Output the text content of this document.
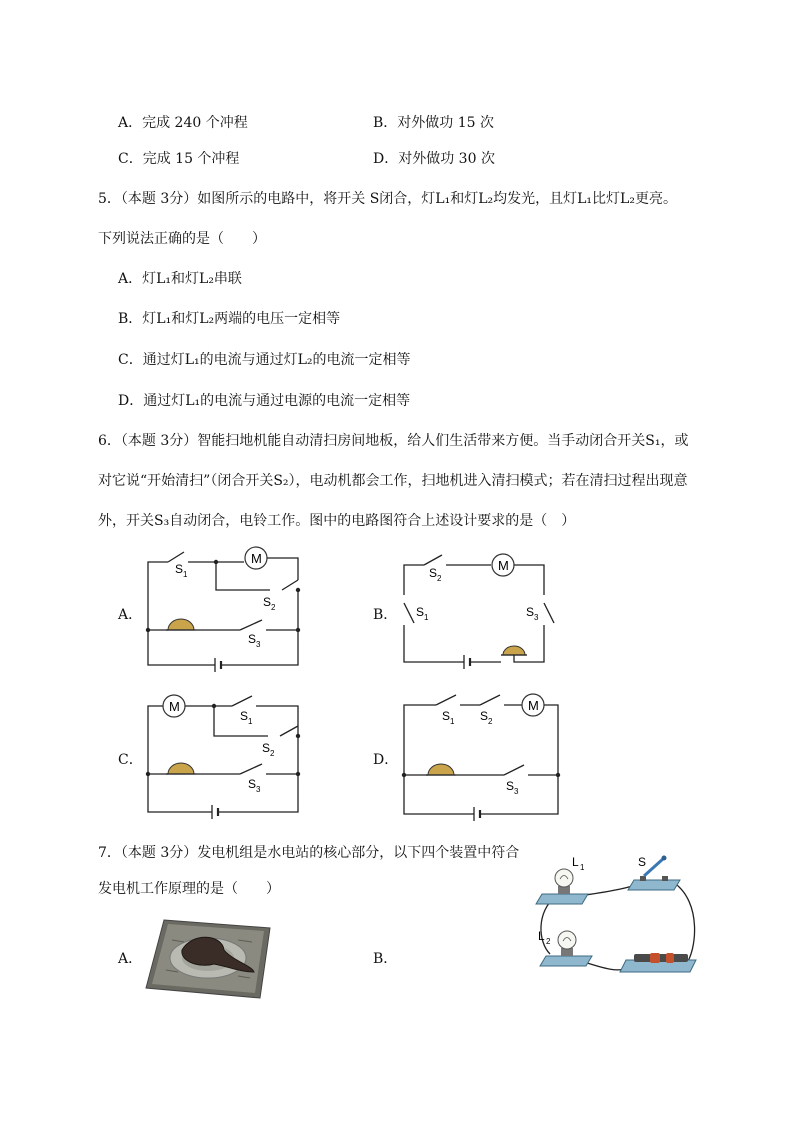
A．完成 240 个冲程	B．对外做功 15 次
C．完成 15 个冲程	D．对外做功 30 次
5．（本题 3分）如图所示的电路中，将开关 S闭合，灯L₁和灯L₂均发光，且灯L₁比灯L₂更亮。
下列说法正确的是（　　）
A．灯L₁和灯L₂串联
B．灯L₁和灯L₂两端的电压一定相等
C．通过灯L₁的电流与通过灯L₂的电流一定相等
D．通过灯L₁的电流与通过电源的电流一定相等
6．（本题 3分）智能扫地机能自动清扫房间地板，给人们生活带来方便。当手动闭合开关S₁，或
对它说“开始清扫”（闭合开关S₂），电动机都会工作，扫地机进入清扫模式；若在清扫过程出现意
外，开关S₃自动闭合，电铃工作。图中的电路图符合上述设计要求的是（　）
A．	B．
C．	D．
M
S 1
S 2
S 3
M
S 2
S 1	S 3
M
S 1
S 2
S 3
M
S 1 S 2
S 3
7．（本题 3分）发电机组是水电站的核心部分，以下四个装置中符合
发电机工作原理的是（　　）
A．	B．
L 1
L 2
S
